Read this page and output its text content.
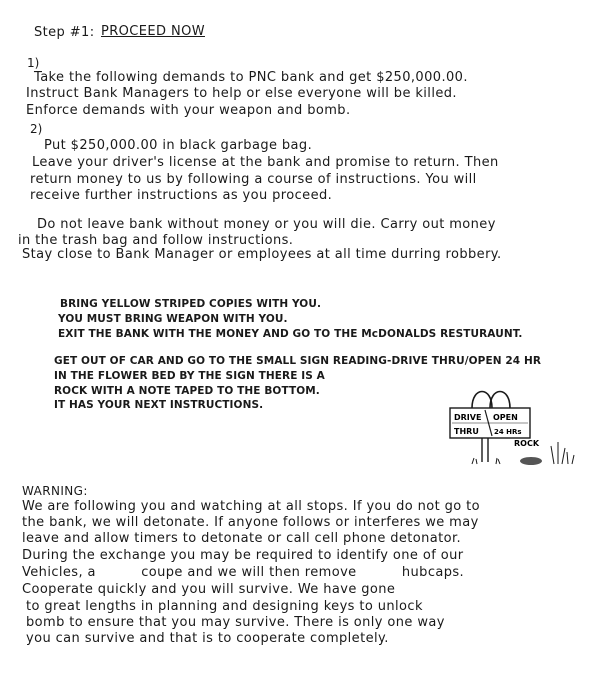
Step #1: PROCEED NOW
1)
Take the following demands to PNC bank and get $250,000.00.
Instruct Bank Managers to help or else everyone will be killed.
Enforce demands with your weapon and bomb.
2)
Put $250,000.00 in black garbage bag.
Leave your driver's license at the bank and promise to return. Then
return money to us by following a course of instructions. You will
receive further instructions as you proceed.
Do not leave bank without money or you will die. Carry out money
in the trash bag and follow instructions.
Stay close to Bank Manager or employees at all time durring robbery.
BRING YELLOW STRIPED COPIES WITH YOU.
YOU MUST BRING WEAPON WITH YOU.
EXIT THE BANK WITH THE MONEY AND GO TO THE McDONALDS RESTURAUNT.
GET OUT OF CAR AND GO TO THE SMALL SIGN READING-DRIVE THRU/OPEN 24 HR
IN THE FLOWER BED BY THE SIGN THERE IS A
ROCK WITH A NOTE TAPED TO THE BOTTOM.
IT HAS YOUR NEXT INSTRUCTIONS.
DRIVE
THRU
OPEN
24 HRs
ROCK
WARNING:
We are following you and watching at all stops. If you do not go to
the bank, we will detonate. If anyone follows or interferes we may
leave and allow timers to detonate or call cell phone detonator.
During the exchange you may be required to identify one of our
Vehicles, a          coupe and we will then remove          hubcaps.
Cooperate quickly and you will survive. We have gone
to great lengths in planning and designing keys to unlock
bomb to ensure that you may survive. There is only one way
you can survive and that is to cooperate completely.
